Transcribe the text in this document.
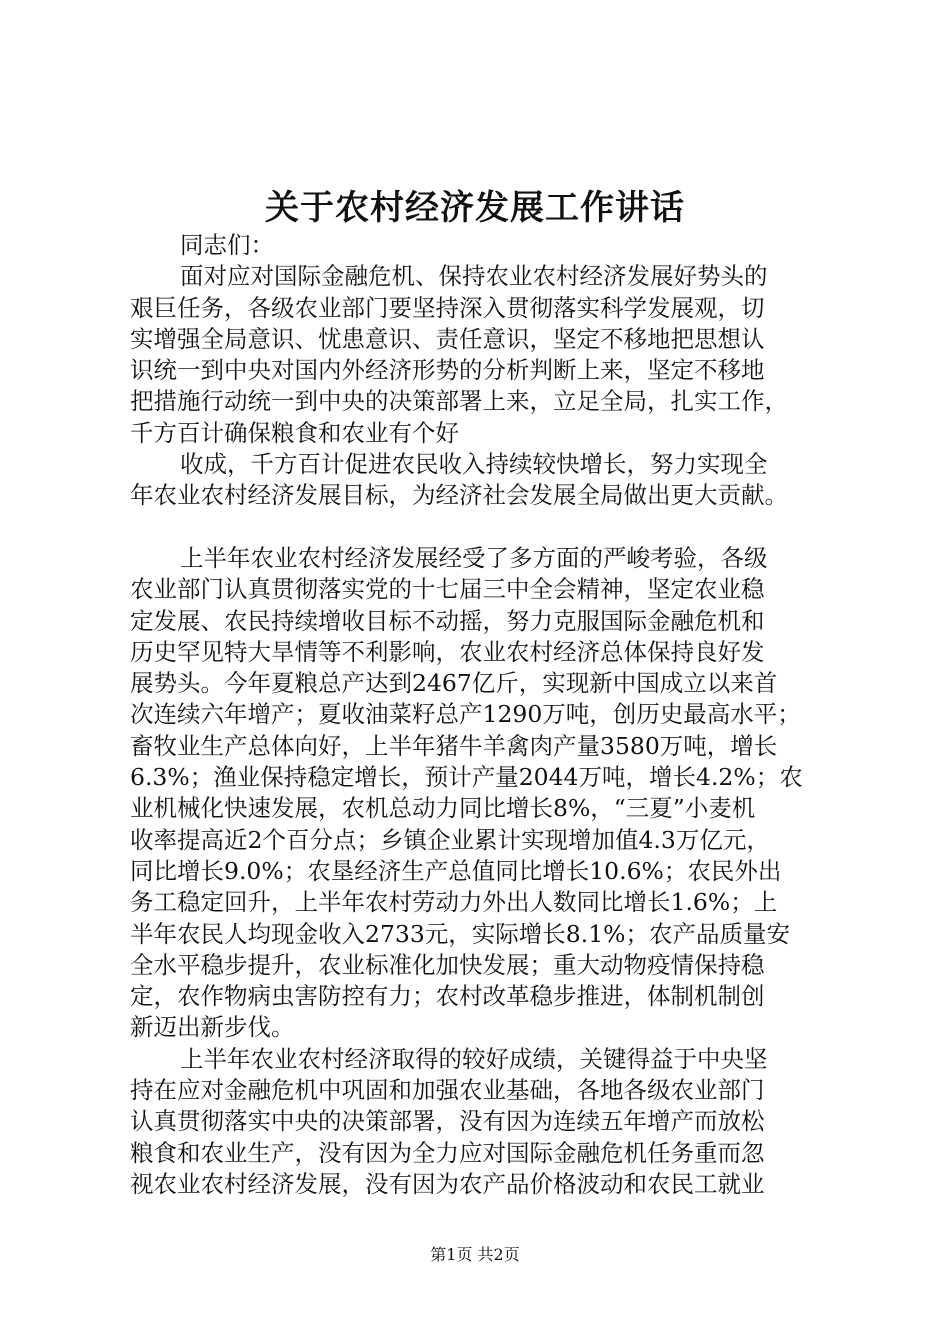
关于农村经济发展工作讲话
同志们：
面对应对国际金融危机、保持农业农村经济发展好势头的
艰巨任务，各级农业部门要坚持深入贯彻落实科学发展观，切
实增强全局意识、忧患意识、责任意识，坚定不移地把思想认
识统一到中央对国内外经济形势的分析判断上来，坚定不移地
把措施行动统一到中央的决策部署上来，立足全局，扎实工作，
千方百计确保粮食和农业有个好
收成，千方百计促进农民收入持续较快增长，努力实现全
年农业农村经济发展目标，为经济社会发展全局做出更大贡献。
上半年农业农村经济发展经受了多方面的严峻考验，各级
农业部门认真贯彻落实党的十七届三中全会精神，坚定农业稳
定发展、农民持续增收目标不动摇，努力克服国际金融危机和
历史罕见特大旱情等不利影响，农业农村经济总体保持良好发
展势头。今年夏粮总产达到2467亿斤，实现新中国成立以来首
次连续六年增产；夏收油菜籽总产1290万吨，创历史最高水平；
畜牧业生产总体向好，上半年猪牛羊禽肉产量3580万吨，增长
6.3%；渔业保持稳定增长，预计产量2044万吨，增长4.2%；农
业机械化快速发展，农机总动力同比增长8%，“三夏”小麦机
收率提高近2个百分点；乡镇企业累计实现增加值4.3万亿元，
同比增长9.0%；农垦经济生产总值同比增长10.6%；农民外出
务工稳定回升，上半年农村劳动力外出人数同比增长1.6%；上
半年农民人均现金收入2733元，实际增长8.1%；农产品质量安
全水平稳步提升，农业标准化加快发展；重大动物疫情保持稳
定，农作物病虫害防控有力；农村改革稳步推进，体制机制创
新迈出新步伐。
上半年农业农村经济取得的较好成绩，关键得益于中央坚
持在应对金融危机中巩固和加强农业基础，各地各级农业部门
认真贯彻落实中央的决策部署，没有因为连续五年增产而放松
粮食和农业生产，没有因为全力应对国际金融危机任务重而忽
视农业农村经济发展，没有因为农产品价格波动和农民工就业
第1页 共2页
